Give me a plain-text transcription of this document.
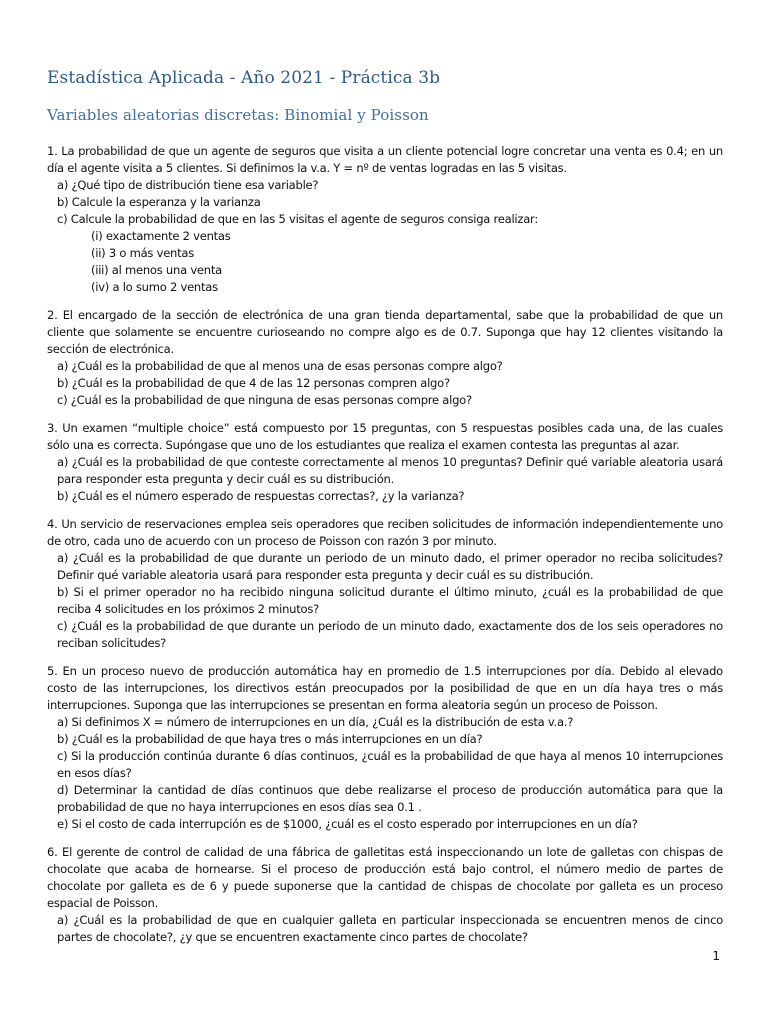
Estadística Aplicada - Año 2021 - Práctica 3b
Variables aleatorias discretas: Binomial y Poisson
1. La probabilidad de que un agente de seguros que visita a un cliente potencial logre concretar una venta es 0.4; en un día el agente visita a 5 clientes. Si definimos la v.a. Y = nº de ventas logradas en las 5 visitas.
a) ¿Qué tipo de distribución tiene esa variable?
b) Calcule la esperanza y la varianza
c) Calcule la probabilidad de que en las 5 visitas el agente de seguros consiga realizar:
(i) exactamente 2 ventas
(ii) 3 o más ventas
(iii) al menos una venta
(iv) a lo sumo 2 ventas
2. El encargado de la sección de electrónica de una gran tienda departamental, sabe que la probabilidad de que un cliente que solamente se encuentre curioseando no compre algo es de 0.7. Suponga que hay 12 clientes visitando la sección de electrónica.
a) ¿Cuál es la probabilidad de que al menos una de esas personas compre algo?
b) ¿Cuál es la probabilidad de que 4 de las 12 personas compren algo?
c) ¿Cuál es la probabilidad de que ninguna de esas personas compre algo?
3. Un examen “multiple choice” está compuesto por 15 preguntas, con 5 respuestas posibles cada una, de las cuales sólo una es correcta. Supóngase que uno de los estudiantes que realiza el examen contesta las preguntas al azar.
a) ¿Cuál es la probabilidad de que conteste correctamente al menos 10 preguntas? Definir qué variable aleatoria usará para responder esta pregunta y decir cuál es su distribución.
b) ¿Cuál es el número esperado de respuestas correctas?, ¿y la varianza?
4. Un servicio de reservaciones emplea seis operadores que reciben solicitudes de información independientemente uno de otro, cada uno de acuerdo con un proceso de Poisson con razón 3 por minuto.
a) ¿Cuál es la probabilidad de que durante un periodo de un minuto dado, el primer operador no reciba solicitudes? Definir qué variable aleatoria usará para responder esta pregunta y decir cuál es su distribución.
b) Si el primer operador no ha recibido ninguna solicitud durante el último minuto, ¿cuál es la probabilidad de que reciba 4 solicitudes en los próximos 2 minutos?
c) ¿Cuál es la probabilidad de que durante un periodo de un minuto dado, exactamente dos de los seis operadores no reciban solicitudes?
5. En un proceso nuevo de producción automática hay en promedio de 1.5 interrupciones por día. Debido al elevado costo de las interrupciones, los directivos están preocupados por la posibilidad de que en un día haya tres o más interrupciones. Suponga que las interrupciones se presentan en forma aleatoria según un proceso de Poisson.
a) Si definimos X = número de interrupciones en un día, ¿Cuál es la distribución de esta v.a.?
b) ¿Cuál es la probabilidad de que haya tres o más interrupciones en un día?
c) Si la producción continúa durante 6 días continuos, ¿cuál es la probabilidad de que haya al menos 10 interrupciones en esos días?
d) Determinar la cantidad de días continuos que debe realizarse el proceso de producción automática para que la probabilidad de que no haya interrupciones en esos días sea 0.1 .
e) Si el costo de cada interrupción es de $1000, ¿cuál es el costo esperado por interrupciones en un día?
6. El gerente de control de calidad de una fábrica de galletitas está inspeccionando un lote de galletas con chispas de chocolate que acaba de hornearse. Si el proceso de producción está bajo control, el número medio de partes de chocolate por galleta es de 6 y puede suponerse que la cantidad de chispas de chocolate por galleta es un proceso espacial de Poisson.
a) ¿Cuál es la probabilidad de que en cualquier galleta en particular inspeccionada se encuentren menos de cinco partes de chocolate?, ¿y que se encuentren exactamente cinco partes de chocolate?
1
